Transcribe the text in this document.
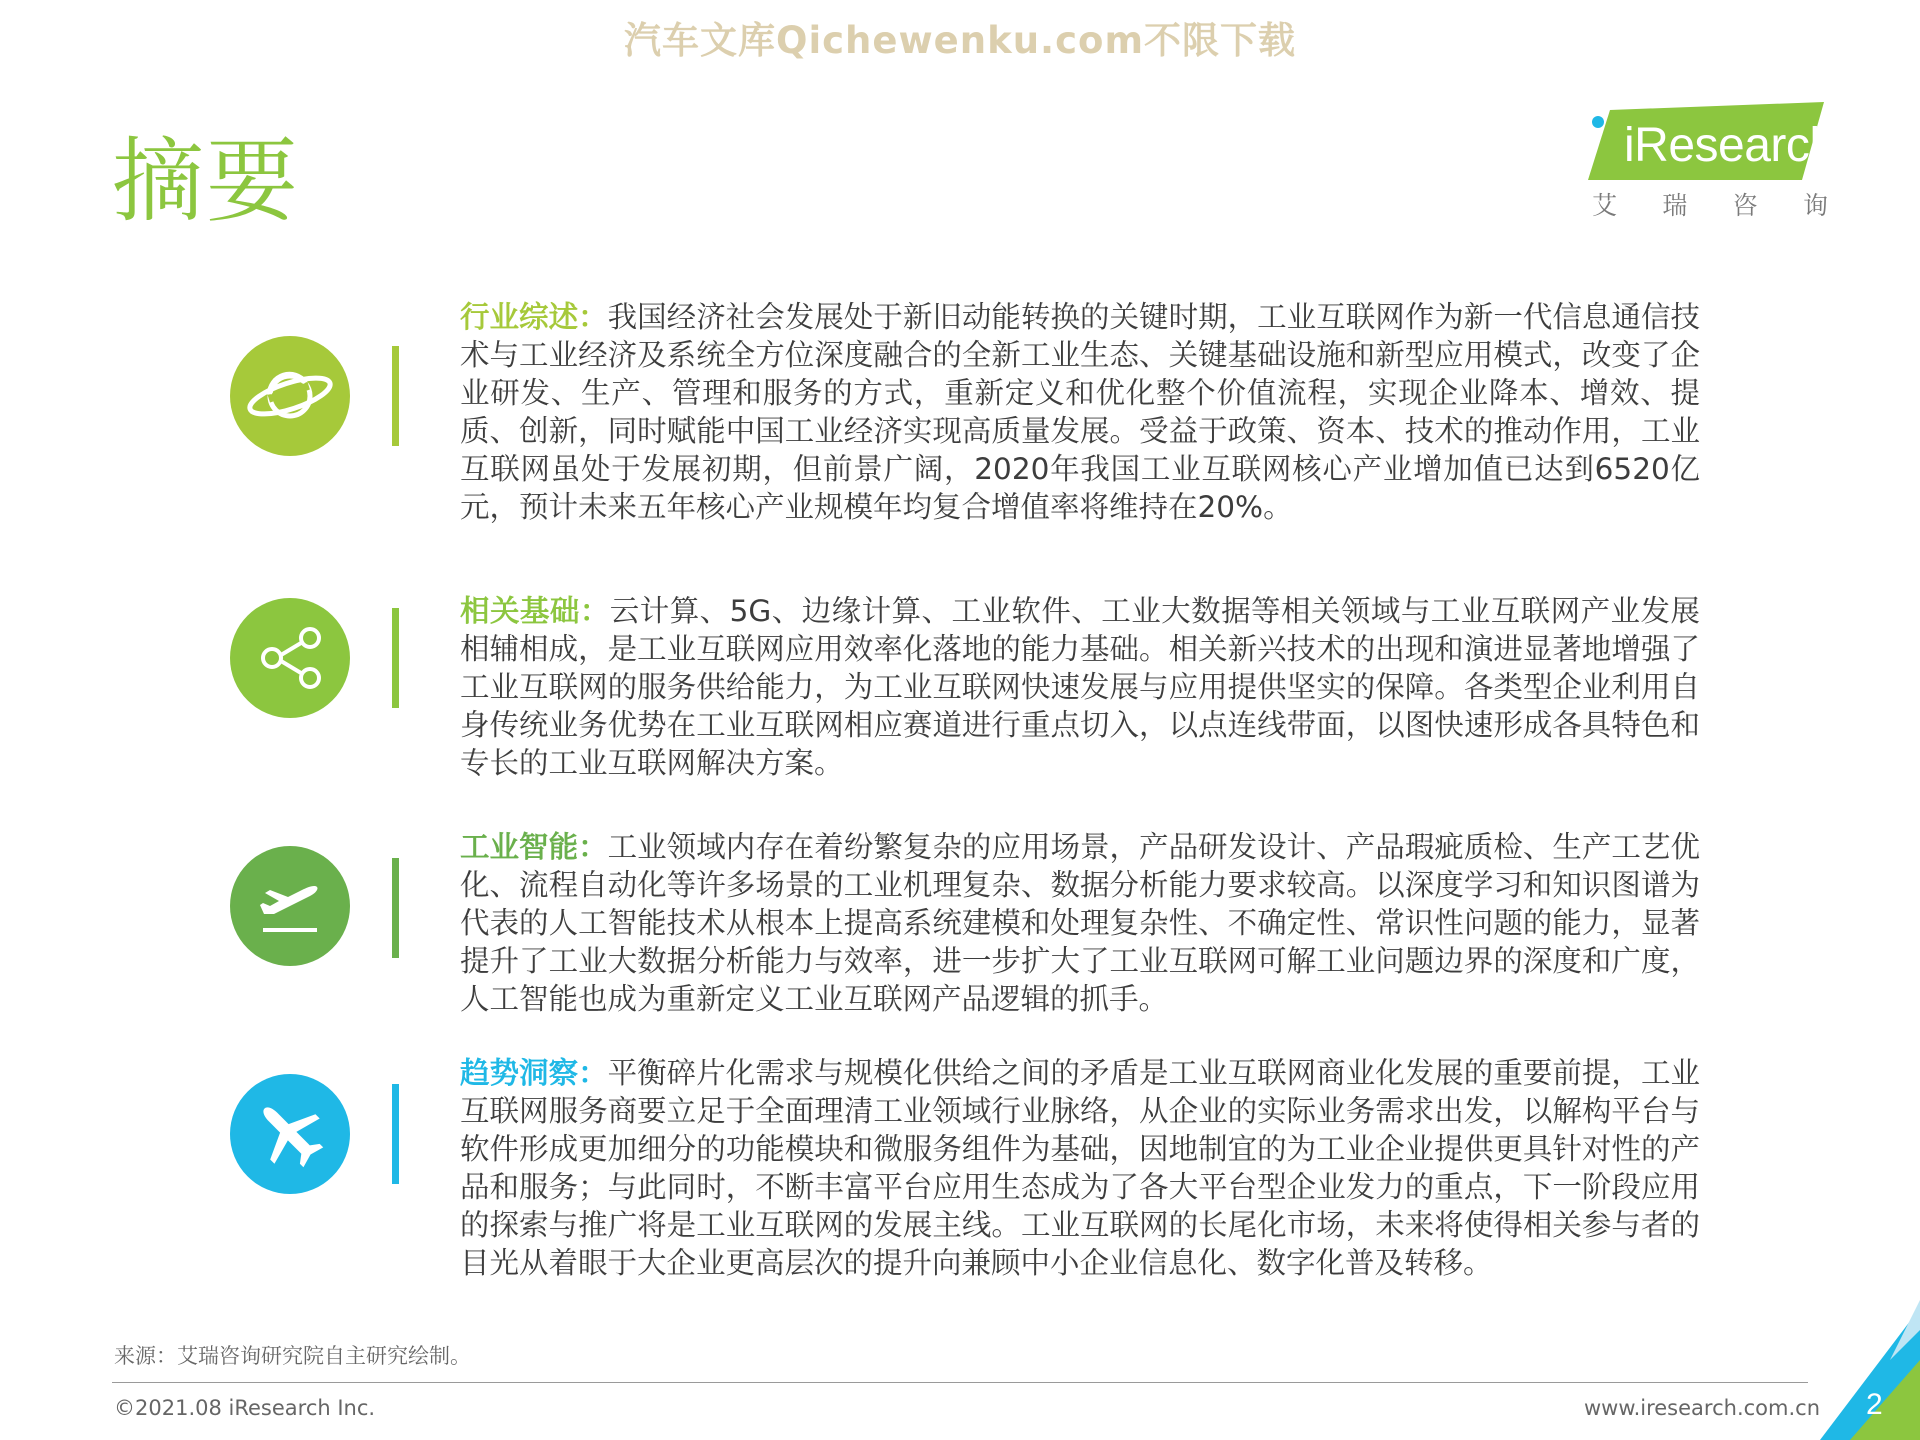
汽车文库Qichewenku.com不限下载
摘要	iResearch
艾 瑞 咨 询
行业综述：我国经济社会发展处于新旧动能转换的关键时期，工业互联网作为新一代信息通信技术与工业经济及系统全方位深度融合的全新工业生态、关键基础设施和新型应用模式，改变了企业研发、生产、管理和服务的方式，重新定义和优化整个价值流程，实现企业降本、增效、提质、创新，同时赋能中国工业经济实现高质量发展。受益于政策、资本、技术的推动作用，工业互联网虽处于发展初期，但前景广阔，2020年我国工业互联网核心产业增加值已达到6520亿元，预计未来五年核心产业规模年均复合增值率将维持在20%。
相关基础：云计算、5G、边缘计算、工业软件、工业大数据等相关领域与工业互联网产业发展相辅相成，是工业互联网应用效率化落地的能力基础。相关新兴技术的出现和演进显著地增强了工业互联网的服务供给能力，为工业互联网快速发展与应用提供坚实的保障。各类型企业利用自身传统业务优势在工业互联网相应赛道进行重点切入，以点连线带面，以图快速形成各具特色和专长的工业互联网解决方案。
工业智能：工业领域内存在着纷繁复杂的应用场景，产品研发设计、产品瑕疵质检、生产工艺优化、流程自动化等许多场景的工业机理复杂、数据分析能力要求较高。以深度学习和知识图谱为代表的人工智能技术从根本上提高系统建模和处理复杂性、不确定性、常识性问题的能力，显著提升了工业大数据分析能力与效率，进一步扩大了工业互联网可解工业问题边界的深度和广度，人工智能也成为重新定义工业互联网产品逻辑的抓手。
趋势洞察：平衡碎片化需求与规模化供给之间的矛盾是工业互联网商业化发展的重要前提，工业互联网服务商要立足于全面理清工业领域行业脉络，从企业的实际业务需求出发，以解构平台与软件形成更加细分的功能模块和微服务组件为基础，因地制宜的为工业企业提供更具针对性的产品和服务；与此同时，不断丰富平台应用生态成为了各大平台型企业发力的重点，下一阶段应用的探索与推广将是工业互联网的发展主线。工业互联网的长尾化市场，未来将使得相关参与者的目光从着眼于大企业更高层次的提升向兼顾中小企业信息化、数字化普及转移。
来源：艾瑞咨询研究院自主研究绘制。
©2021.08 iResearch Inc.	www.iresearch.com.cn 2
